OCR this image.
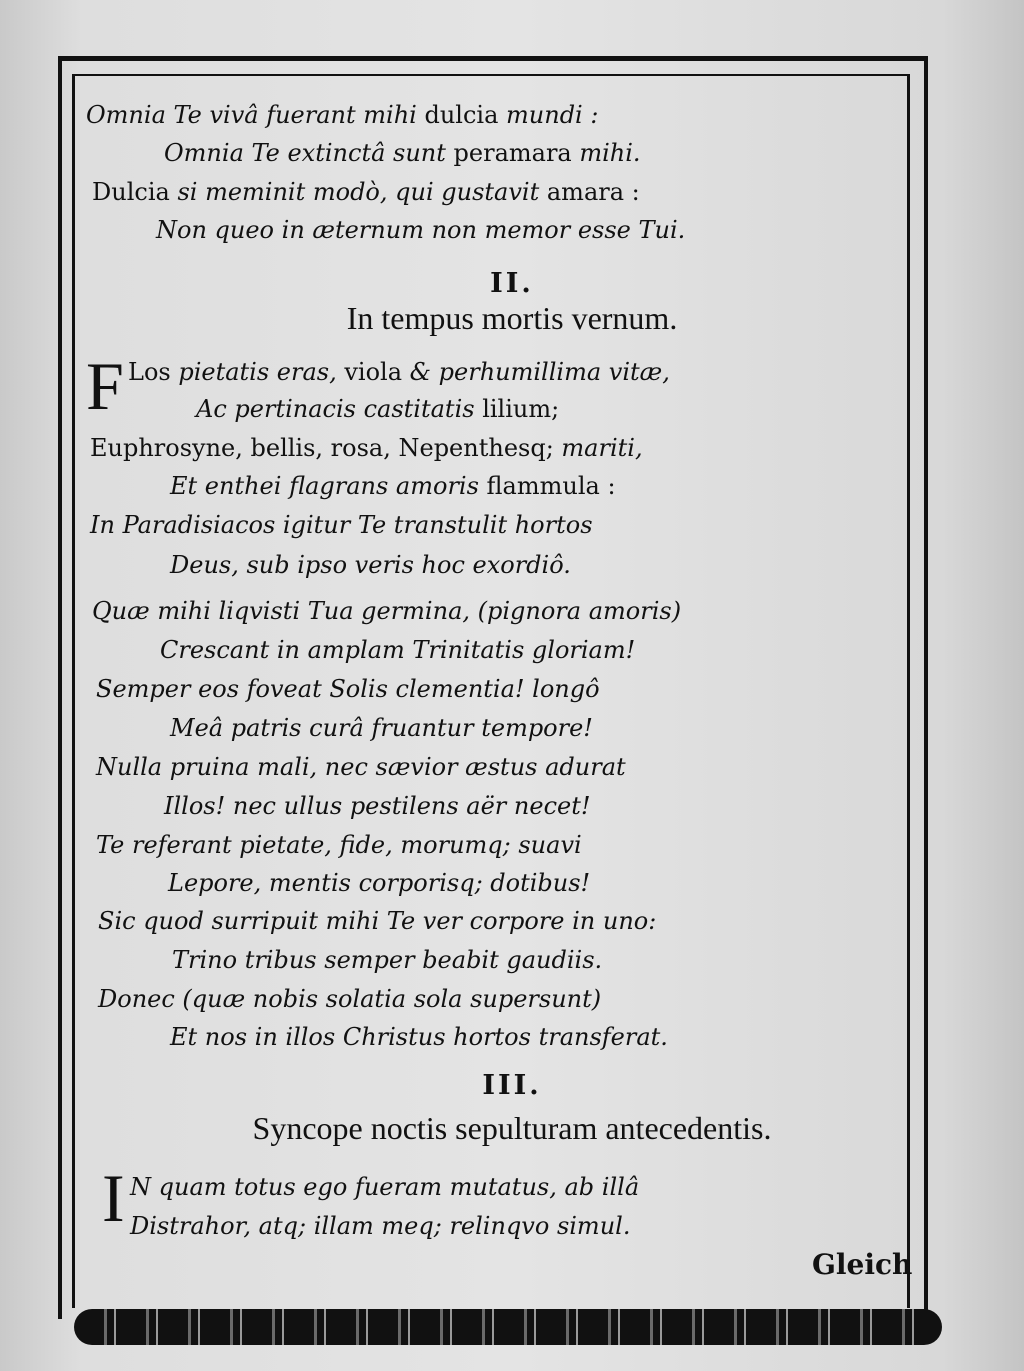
Omnia Te vivâ fuerant mihi dulcia mundi :
Omnia Te extinctâ sunt peramara mihi.
Dulcia si meminit modò, qui gustavit amara :
Non queo in æternum non memor esse Tui.
II.
In tempus mortis vernum.
F Los pietatis eras, viola & perhumillima vitæ,
Ac pertinacis castitatis lilium;
Euphrosyne, bellis, rosa, Nepenthesq; mariti,
Et enthei flagrans amoris flammula :
In Paradisiacos igitur Te transtulit hortos
Deus, sub ipso veris hoc exordiô.
Quæ mihi liqvisti Tua germina, (pignora amoris)
Crescant in amplam Trinitatis gloriam!
Semper eos foveat Solis clementia! longô
Meâ patris curâ fruantur tempore!
Nulla pruina mali, nec sævior æstus adurat
Illos! nec ullus pestilens aër necet!
Te referant pietate, fide, morumq; suavi
Lepore, mentis corporisq; dotibus!
Sic quod surripuit mihi Te ver corpore in uno:
Trino tribus semper beabit gaudiis.
Donec (quæ nobis solatia sola supersunt)
Et nos in illos Christus hortos transferat.
III.
Syncope noctis sepulturam antecedentis.
I N quam totus ego fueram mutatus, ab illâ
Distrahor, atq; illam meq; relinqvo simul.
Gleich
